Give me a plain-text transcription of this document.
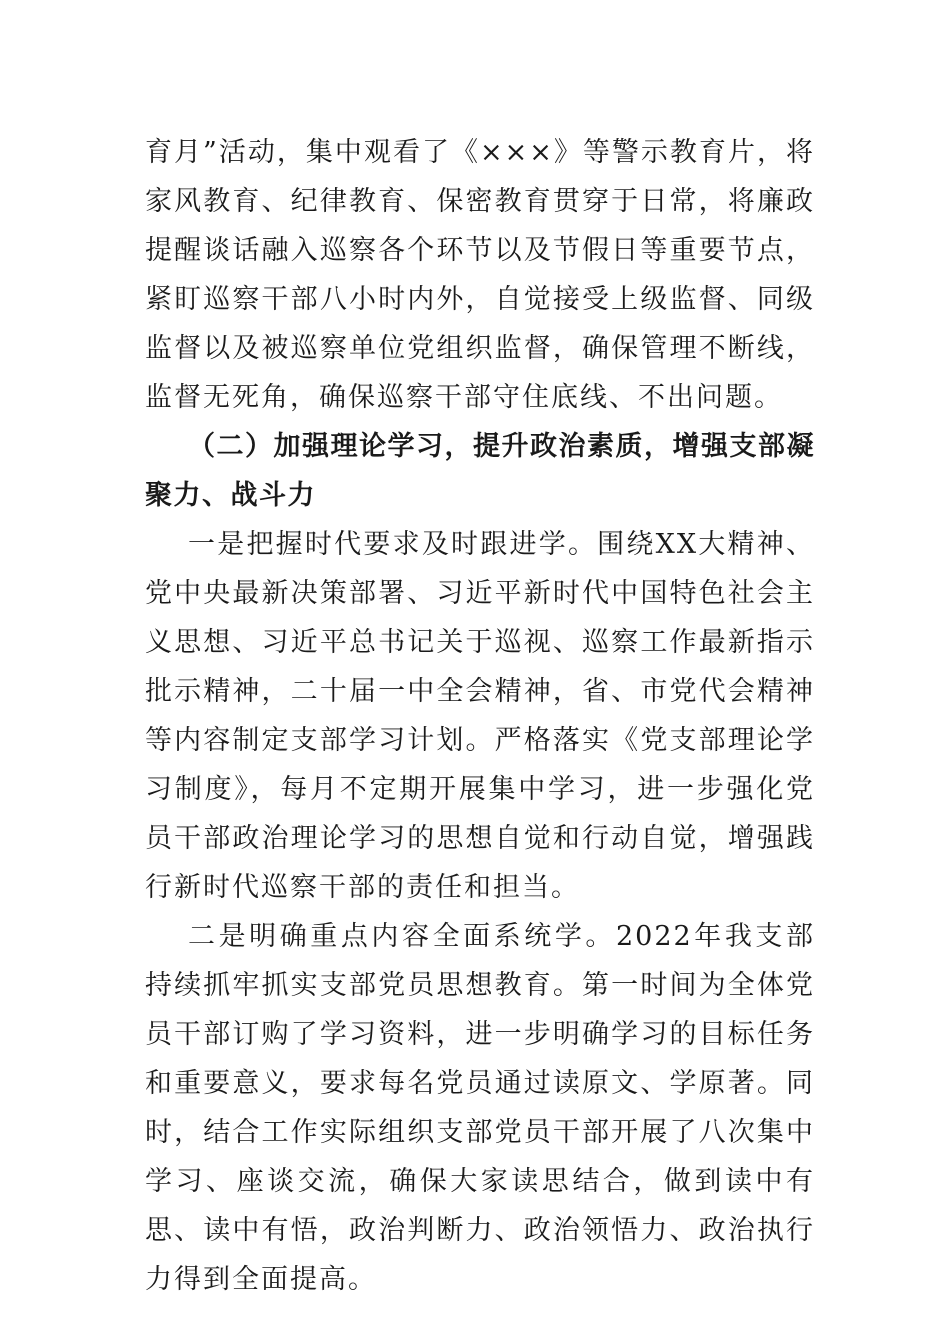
育月”活动，集中观看了《×××》等警示教育片，将家风教育、纪律教育、保密教育贯穿于日常，将廉政提醒谈话融入巡察各个环节以及节假日等重要节点，紧盯巡察干部八小时内外，自觉接受上级监督、同级监督以及被巡察单位党组织监督，确保管理不断线，监督无死角，确保巡察干部守住底线、不出问题。

（二）加强理论学习，提升政治素质，增强支部凝聚力、战斗力

一是把握时代要求及时跟进学。围绕XX大精神、党中央最新决策部署、习近平新时代中国特色社会主义思想、习近平总书记关于巡视、巡察工作最新指示批示精神，二十届一中全会精神，省、市党代会精神等内容制定支部学习计划。严格落实《党支部理论学习制度》，每月不定期开展集中学习，进一步强化党员干部政治理论学习的思想自觉和行动自觉，增强践行新时代巡察干部的责任和担当。

二是明确重点内容全面系统学。2022年我支部持续抓牢抓实支部党员思想教育。第一时间为全体党员干部订购了学习资料，进一步明确学习的目标任务和重要意义，要求每名党员通过读原文、学原著。同时，结合工作实际组织支部党员干部开展了八次集中学习、座谈交流，确保大家读思结合，做到读中有思、读中有悟，政治判断力、政治领悟力、政治执行力得到全面提高。
